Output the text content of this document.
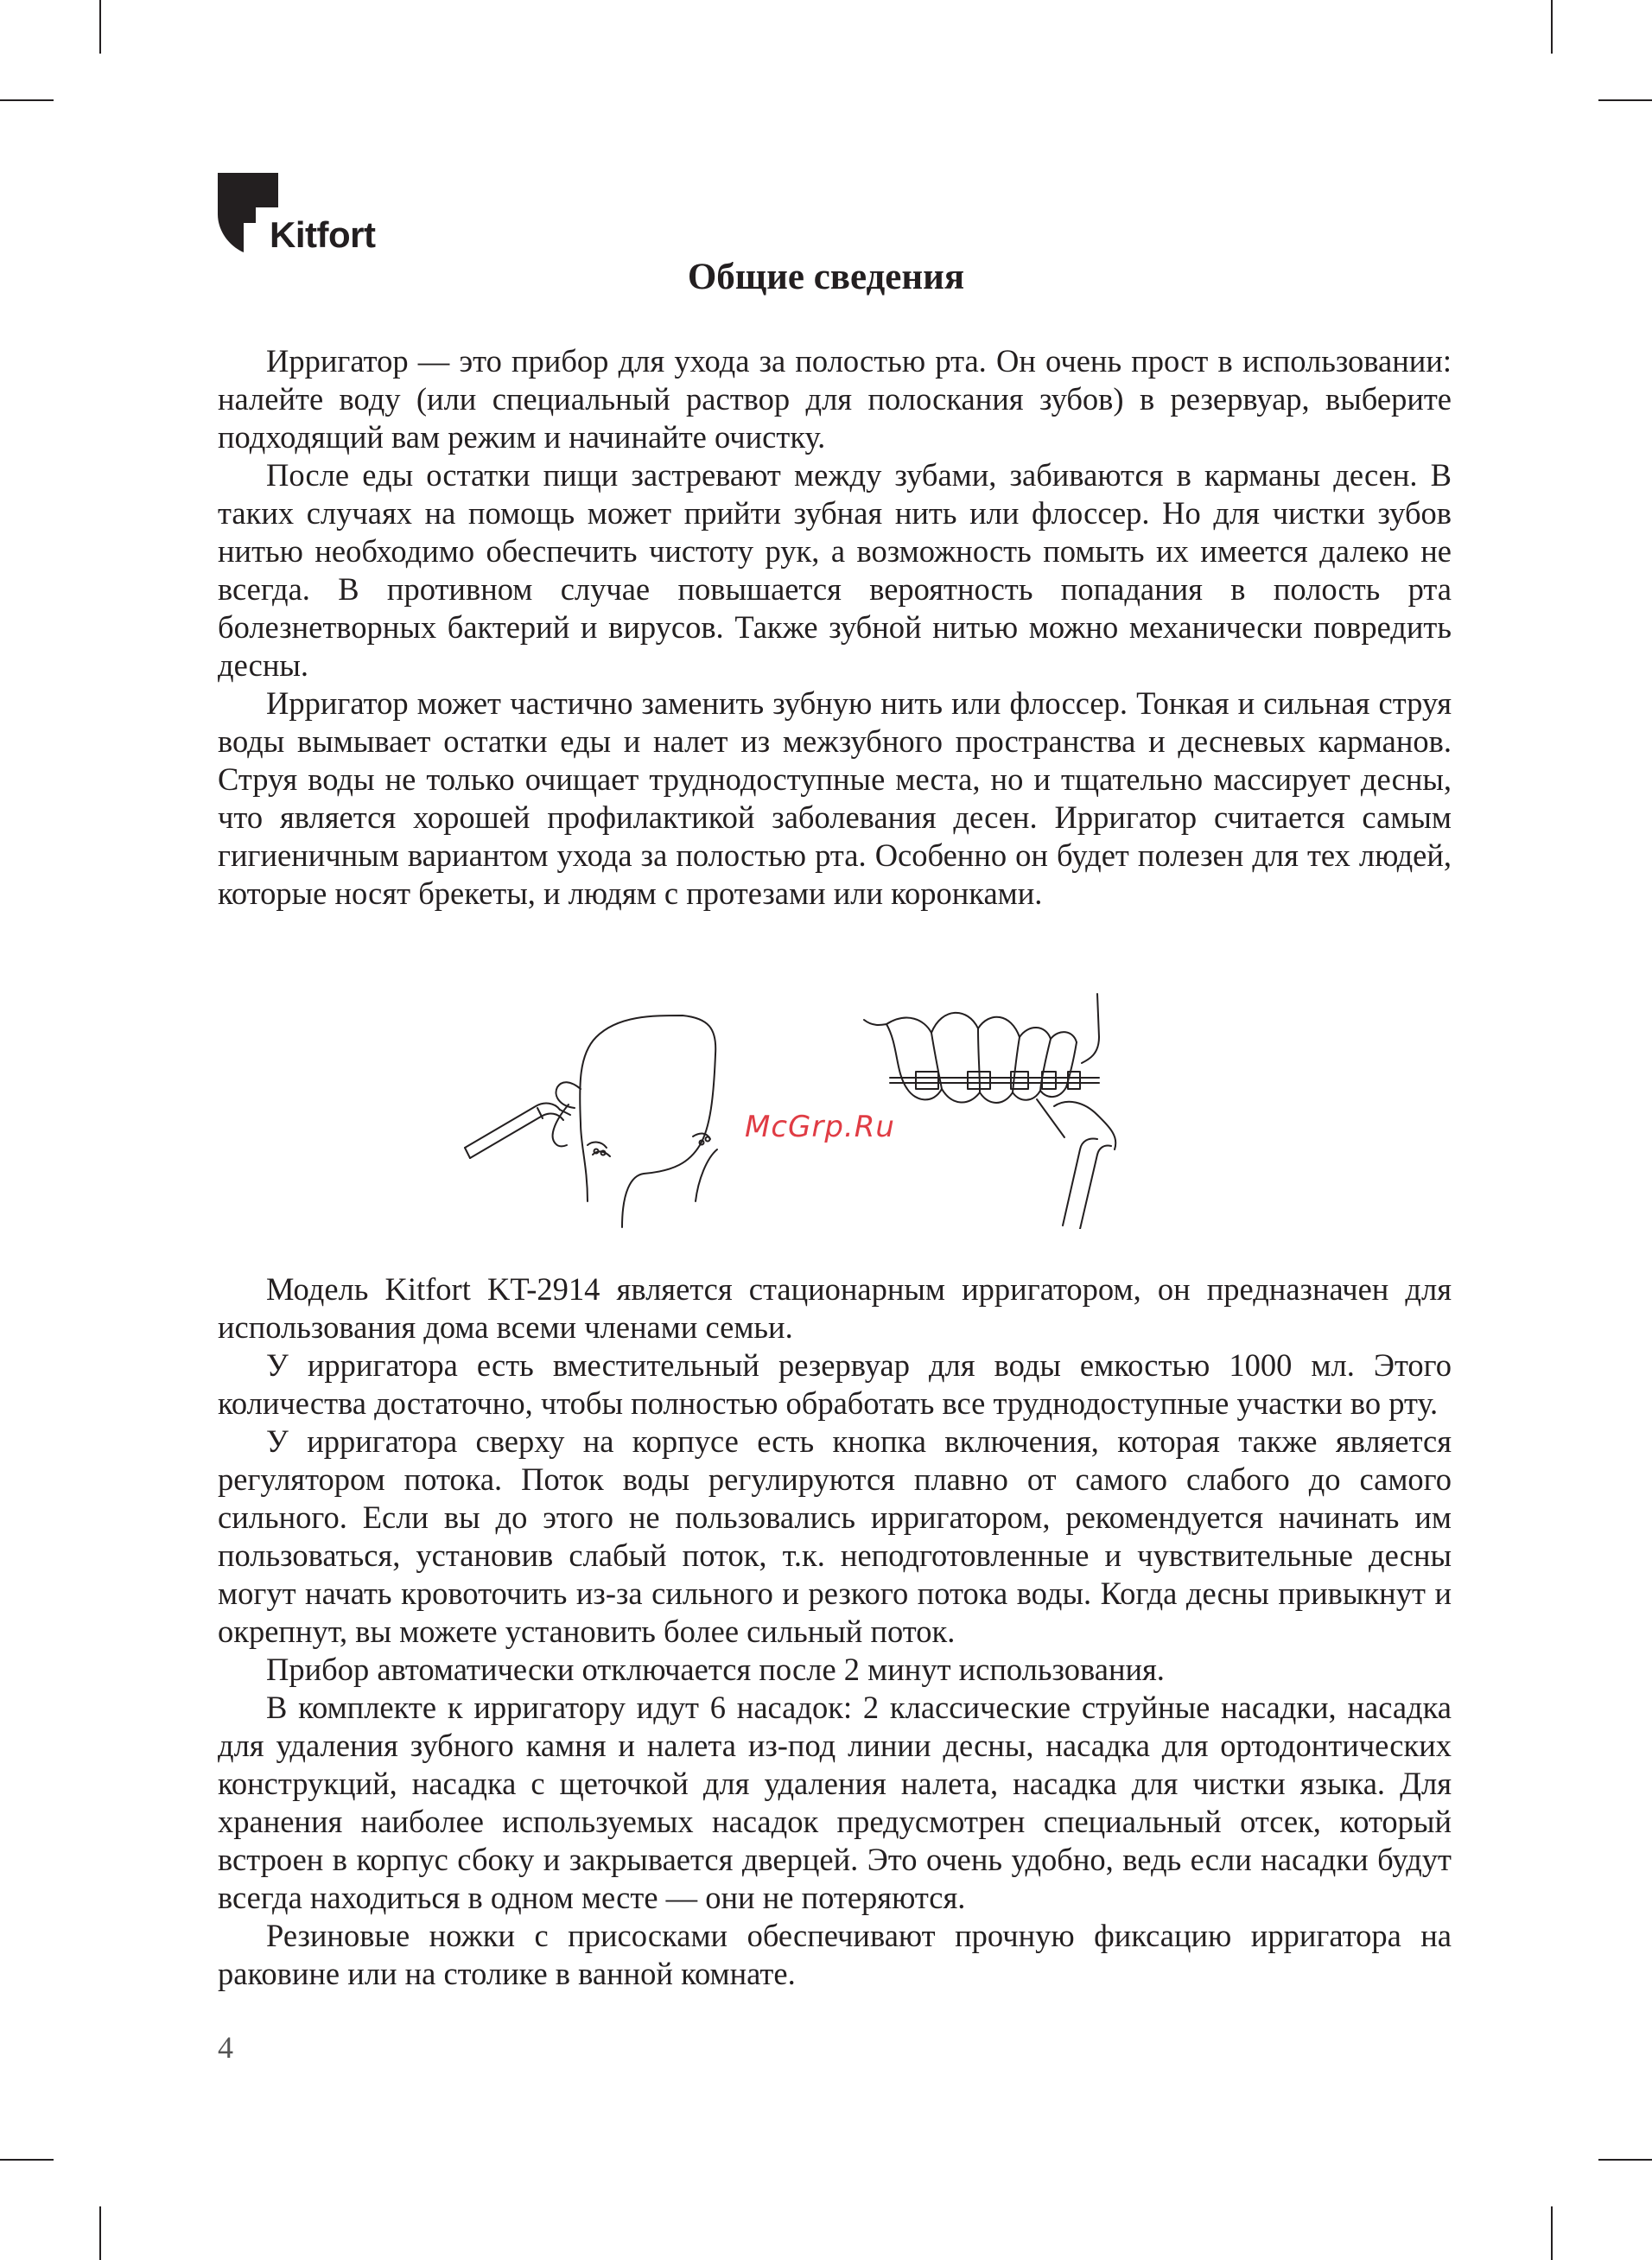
Kitfort
Общие сведения

Ирригатор — это прибор для ухода за полостью рта. Он очень прост в использовании: налейте воду (или специальный раствор для полоскания зубов) в резервуар, выберите подходящий вам режим и начинайте очистку.

После еды остатки пищи застревают между зубами, забиваются в карманы десен. В таких случаях на помощь может прийти зубная нить или флоссер. Но для чистки зубов нитью необходимо обеспечить чистоту рук, а возможность помыть их имеется далеко не всегда. В противном случае повышается вероятность попадания в полость рта болезнетворных бактерий и вирусов. Также зубной нитью можно механически повредить десны.

Ирригатор может частично заменить зубную нить или флоссер. Тонкая и сильная струя воды вымывает остатки еды и налет из межзубного пространства и десневых карманов. Струя воды не только очищает труднодоступные места, но и тщательно массирует десны, что является хорошей профилактикой заболевания десен. Ирригатор считается самым гигиеничным вариантом ухода за полостью рта. Особенно он будет полезен для тех людей, которые носят брекеты, и людям с протезами или коронками.

McGrp.Ru

Модель Kitfort KT-2914 является стационарным ирригатором, он предназначен для использования дома всеми членами семьи.

У ирригатора есть вместительный резервуар для воды емкостью 1000 мл. Этого количества достаточно, чтобы полностью обработать все труднодоступные участки во рту.

У ирригатора сверху на корпусе есть кнопка включения, которая также является регулятором потока. Поток воды регулируются плавно от самого слабого до самого сильного. Если вы до этого не пользовались ирригатором, рекомендуется начинать им пользоваться, установив слабый поток, т.к. неподготовленные и чувствительные десны могут начать кровоточить из-за сильного и резкого потока воды. Когда десны привыкнут и окрепнут, вы можете установить более сильный поток.

Прибор автоматически отключается после 2 минут использования.

В комплекте к ирригатору идут 6 насадок: 2 классические струйные насадки, насадка для удаления зубного камня и налета из-под линии десны, насадка для ортодонтических конструкций, насадка с щеточкой для удаления налета, насадка для чистки языка. Для хранения наиболее используемых насадок предусмотрен специальный отсек, который встроен в корпус сбоку и закрывается дверцей. Это очень удобно, ведь если насадки будут всегда находиться в одном месте — они не потеряются.

Резиновые ножки с присосками обеспечивают прочную фиксацию ирригатора на раковине или на столике в ванной комнате.

4
